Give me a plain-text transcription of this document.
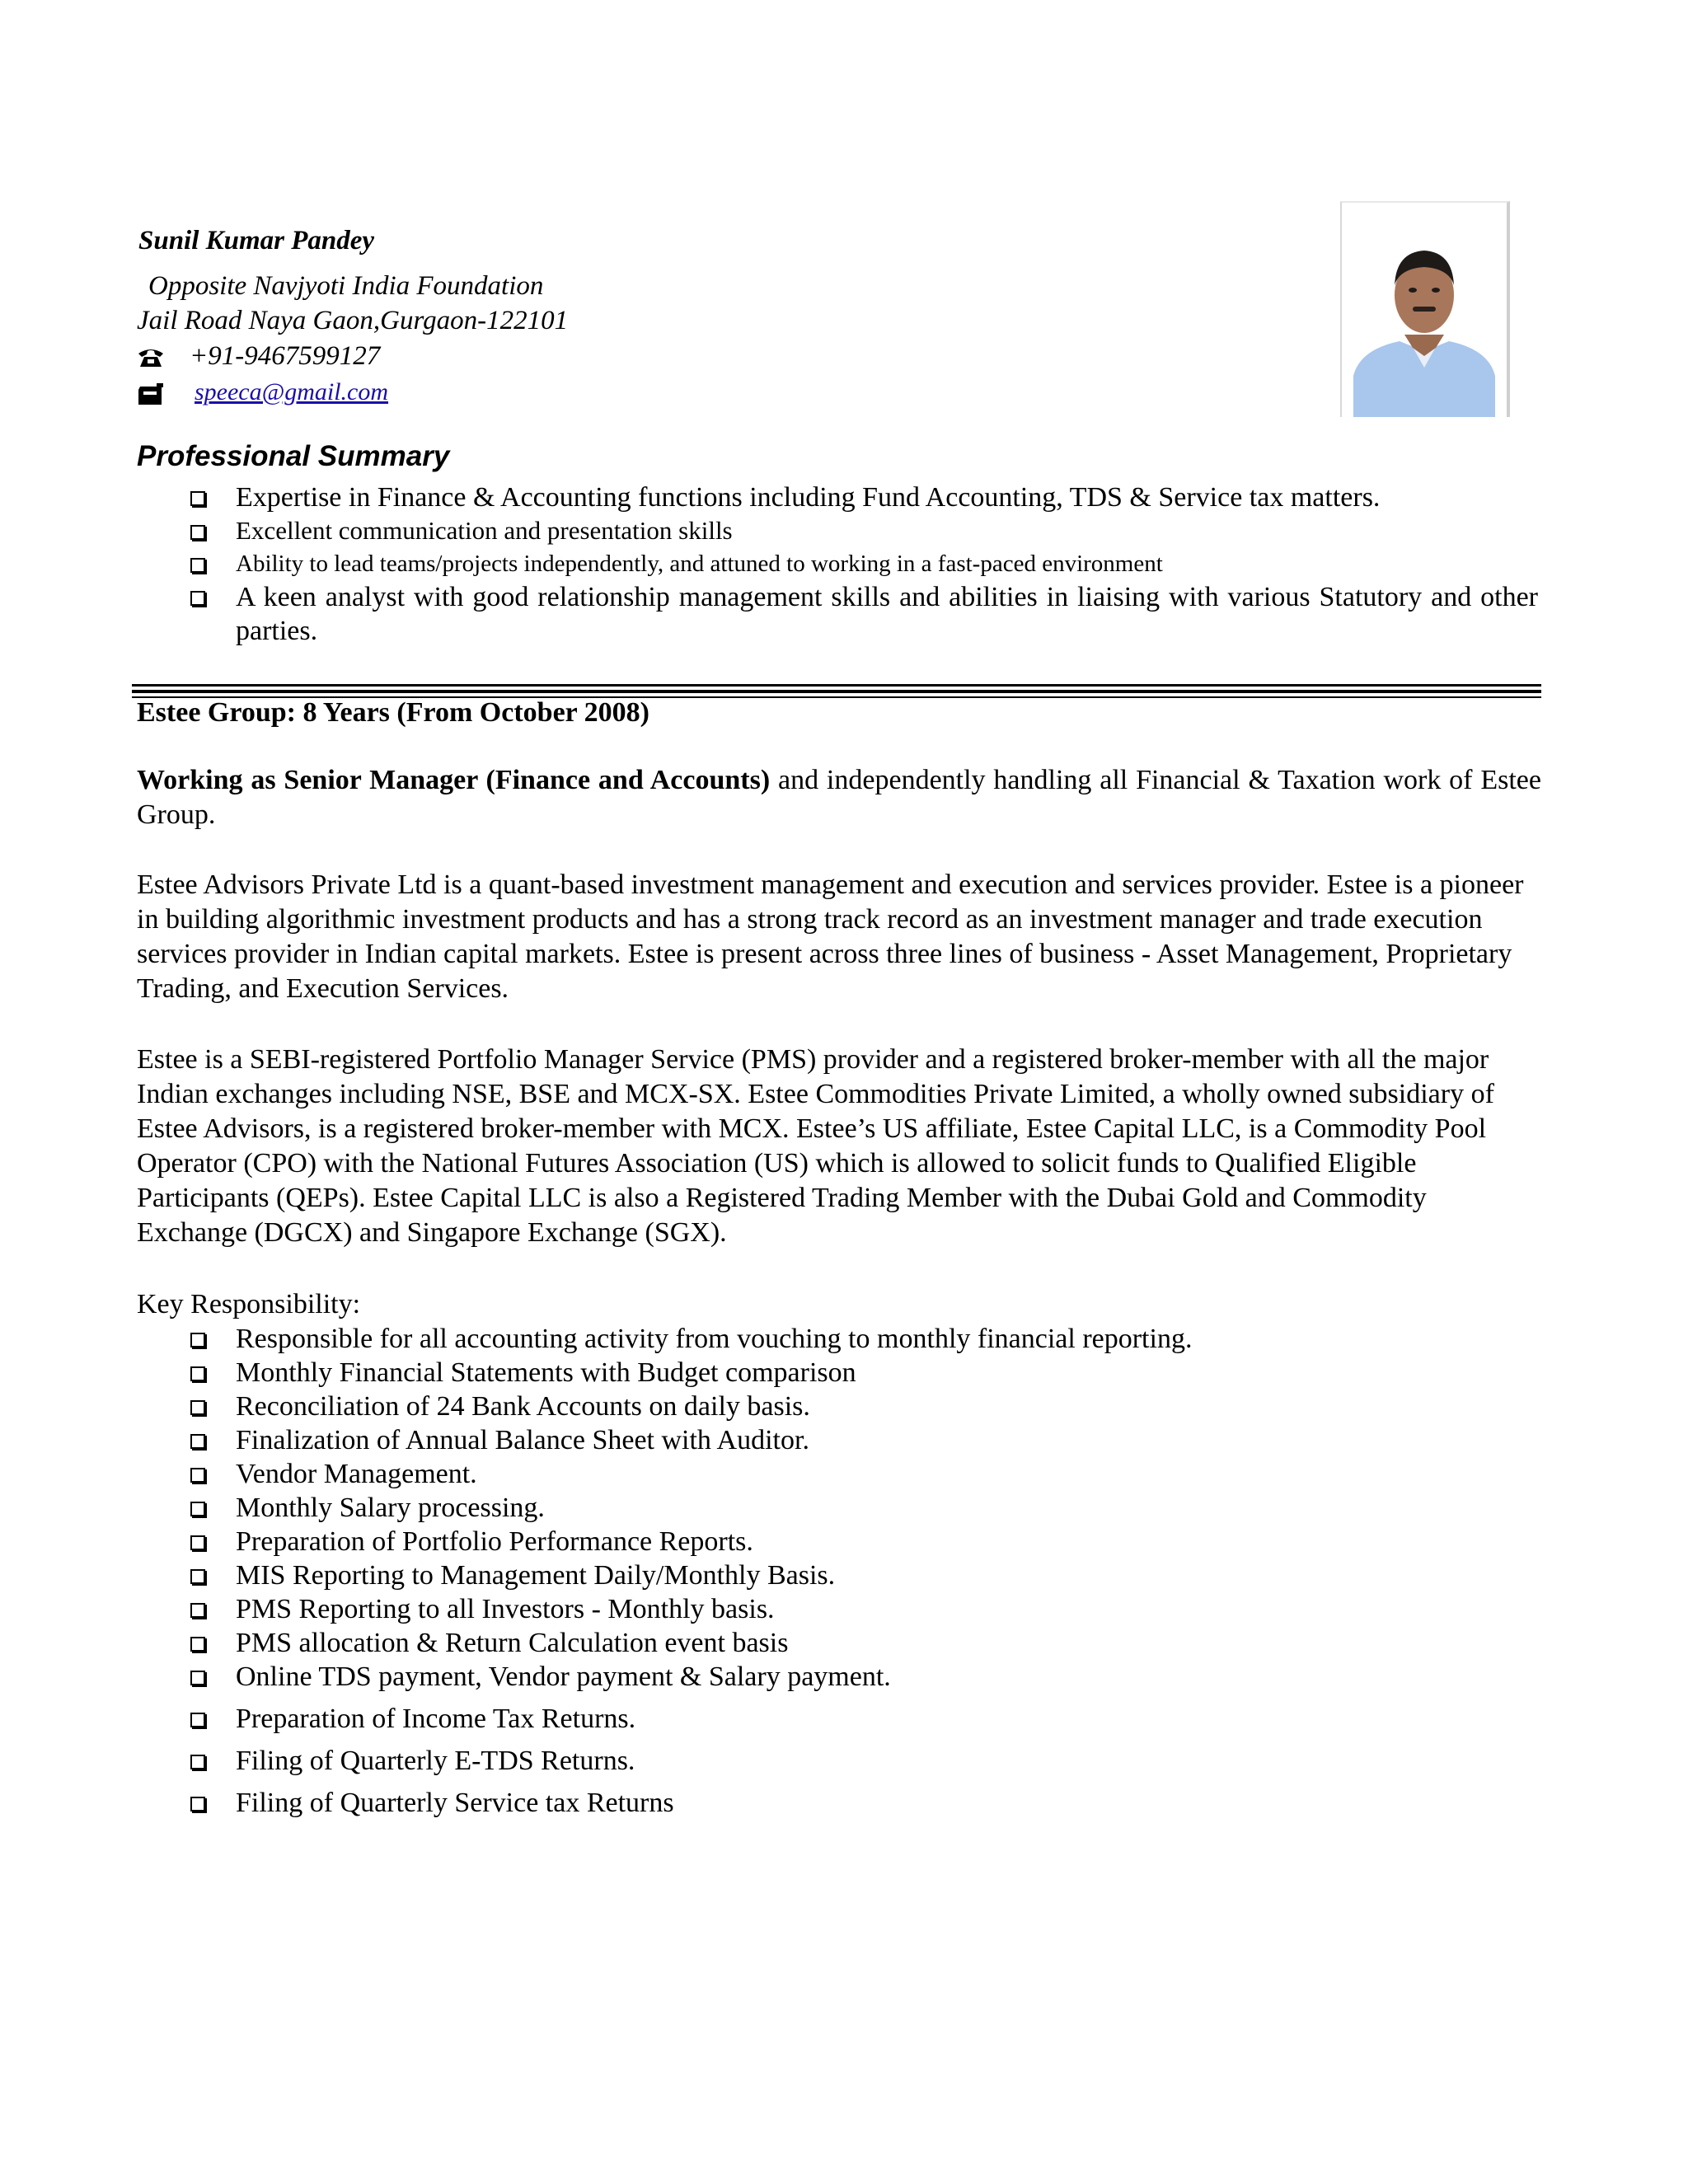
Sunil Kumar Pandey

Opposite Navjyoti India Foundation

Jail Road Naya Gaon,Gurgaon-122101

+91-9467599127
speeca@gmail.com

Professional Summary

Expertise in Finance & Accounting functions including Fund Accounting, TDS & Service tax matters.
Excellent communication and presentation skills
Ability to lead teams/projects independently, and attuned to working in a fast-paced environment
A keen analyst with good relationship management skills and abilities in liaising with various Statutory and other parties.

Estee Group: 8 Years (From October 2008)

Working as Senior Manager (Finance and Accounts) and independently handling all Financial & Taxation work of Estee Group.

Estee Advisors Private Ltd is a quant-based investment management and execution and services provider. Estee is a pioneer in building algorithmic investment products and has a strong track record as an investment manager and trade execution services provider in Indian capital markets. Estee is present across three lines of business - Asset Management, Proprietary Trading, and Execution Services.

Estee is a SEBI-registered Portfolio Manager Service (PMS) provider and a registered broker-member with all the major Indian exchanges including NSE, BSE and MCX-SX. Estee Commodities Private Limited, a wholly owned subsidiary of Estee Advisors, is a registered broker-member with MCX. Estee’s US affiliate, Estee Capital LLC, is a Commodity Pool Operator (CPO) with the National Futures Association (US) which is allowed to solicit funds to Qualified Eligible Participants (QEPs). Estee Capital LLC is also a Registered Trading Member with the Dubai Gold and Commodity Exchange (DGCX) and Singapore Exchange (SGX).

Key Responsibility:

Responsible for all accounting activity from vouching to monthly financial reporting.
Monthly Financial Statements with Budget comparison
Reconciliation of 24 Bank Accounts on daily basis.
Finalization of Annual Balance Sheet with Auditor.
Vendor Management.
Monthly Salary processing.
Preparation of Portfolio Performance Reports.
MIS Reporting to Management Daily/Monthly Basis.
PMS Reporting to all Investors - Monthly basis.
PMS allocation & Return Calculation event basis
Online TDS payment, Vendor payment & Salary payment.
Preparation of Income Tax Returns.
Filing of Quarterly E-TDS Returns.
Filing of Quarterly Service tax Returns
